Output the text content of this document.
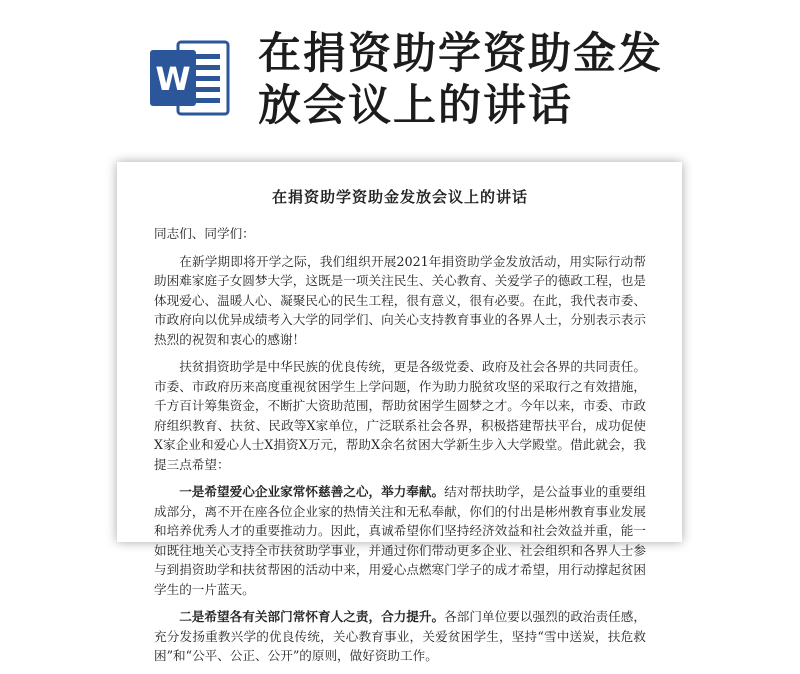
W 在捐资助学资助金发
放会议上的讲话
在捐资助学资助金发放会议上的讲话

同志们、同学们：

在新学期即将开学之际，我们组织开展2021年捐资助学金发放活动，用实际行动帮助困难家庭子女圆梦大学，这既是一项关注民生、关心教育、关爱学子的德政工程，也是体现爱心、温暖人心、凝聚民心的民生工程，很有意义，很有必要。在此，我代表市委、市政府向以优异成绩考入大学的同学们、向关心支持教育事业的各界人士，分别表示表示热烈的祝贺和衷心的感谢！

扶贫捐资助学是中华民族的优良传统，更是各级党委、政府及社会各界的共同责任。市委、市政府历来高度重视贫困学生上学问题，作为助力脱贫攻坚的采取行之有效措施，千方百计筹集资金，不断扩大资助范围，帮助贫困学生圆梦之才。今年以来，市委、市政府组织教育、扶贫、民政等X家单位，广泛联系社会各界，积极搭建帮扶平台，成功促使X家企业和爱心人士X捐资X万元，帮助X余名贫困大学新生步入大学殿堂。借此就会，我提三点希望：

一是希望爱心企业家常怀慈善之心，举力奉献。结对帮扶助学，是公益事业的重要组成部分，离不开在座各位企业家的热情关注和无私奉献，你们的付出是彬州教育事业发展和培养优秀人才的重要推动力。因此，真诚希望你们坚持经济效益和社会效益并重，能一如既往地关心支持全市扶贫助学事业，并通过你们带动更多企业、社会组织和各界人士参与到捐资助学和扶贫帮困的活动中来，用爱心点燃寒门学子的成才希望，用行动撑起贫困学生的一片蓝天。

二是希望各有关部门常怀育人之责，合力提升。各部门单位要以强烈的政治责任感，充分发扬重教兴学的优良传统，关心教育事业，关爱贫困学生，坚持“雪中送炭，扶危救困”和“公平、公正、公开”的原则，做好资助工作。
